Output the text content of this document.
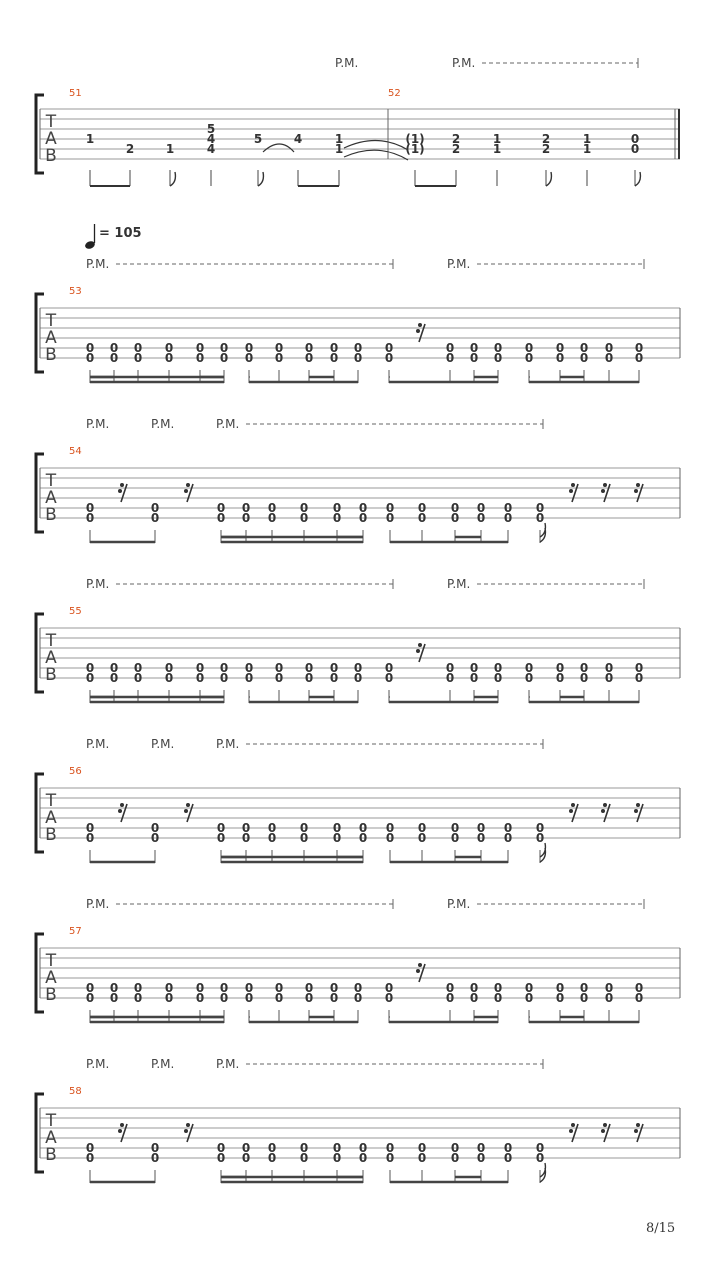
T
A
B
P.M.	P.M.
51	52
1
2	1
5
4
4
5	4	1
1
(1)
(1)
2
2
1
1
2
2
1
1
0
0
= 105
T
A
B
53
P.M.	P.M.
0
0
0
0
0
0
0
0
0
0
0
0
0
0
0
0
0
0
0
0
0
0
0
0
0
0
0
0
0
0
0
0
0
0
0
0
0
0
0
0
T
A
B
54
P.M.	P.M.	P.M.
0
0
0
0
0
0
0
0
0
0
0
0
0
0
0
0
0
0
0
0
0
0
0
0
0
0
0
0
T
A
B
55
P.M.	P.M.
0
0
0
0
0
0
0
0
0
0
0
0
0
0
0
0
0
0
0
0
0
0
0
0
0
0
0
0
0
0
0
0
0
0
0
0
0
0
0
0
T
A
B
56
P.M.	P.M.	P.M.
0
0
0
0
0
0
0
0
0
0
0
0
0
0
0
0
0
0
0
0
0
0
0
0
0
0
0
0
T
A
B
57
P.M.	P.M.
0
0
0
0
0
0
0
0
0
0
0
0
0
0
0
0
0
0
0
0
0
0
0
0
0
0
0
0
0
0
0
0
0
0
0
0
0
0
0
0
T
A
B
58
P.M.	P.M.	P.M.
0
0
0
0
0
0
0
0
0
0
0
0
0
0
0
0
0
0
0
0
0
0
0
0
0
0
0
0
8/15
